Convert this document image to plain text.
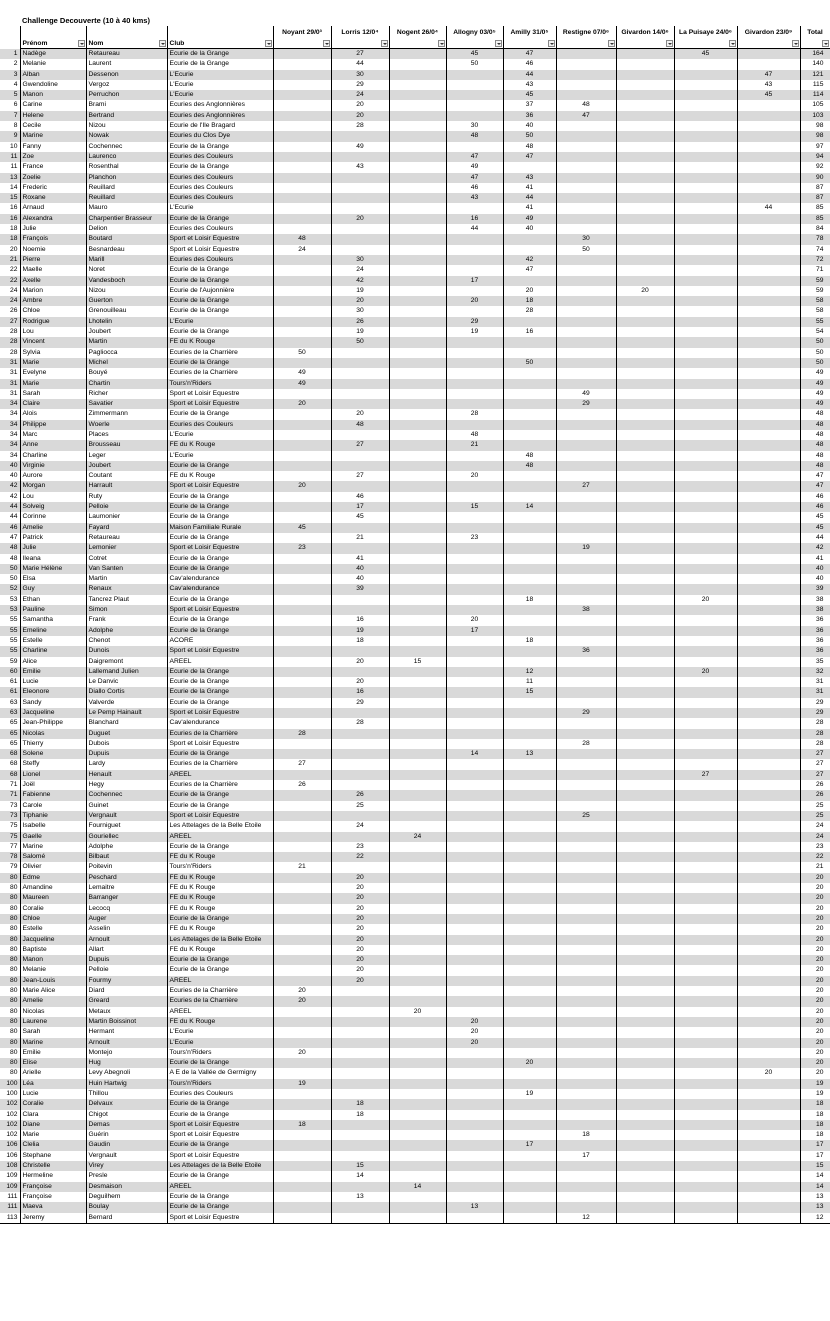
Challenge Decouverte (10 à 40 kms)
	Prénom	Nom	Club	Noyant 29/0³	Lorris 12/0⁴	Nogent 26/0⁴	Allogny 03/0⁵	Amilly 31/0⁵	Restigne 07/0⁶	Givardon 14/0⁶	La Puisaye 24/0⁶	Givardon 23/0⁹	Total

1	Nadège	Retaureau	Ecurie de la Grange		27		45	47			45		164
2	Melanie	Laurent	Ecurie de la Grange		44		50	46					140
3	Alban	Dessenon	L'Ecurie		30			44				47	121
4	Gwendoline	Vergoz	L'Ecurie		29			43				43	115
5	Manon	Perruchon	L'Ecurie		24			45				45	114
6	Carine	Brami	Ecuries des Anglonnières		20			37	48				105
7	Helene	Bertrand	Ecuries des Anglonnières		20			36	47				103
8	Cecile	Nizou	Ecurie de l'Ile Bragard		28		30	40					98
9	Marine	Nowak	Ecuries du Clos Dye				48	50					98
10	Fanny	Cochennec	Ecurie de la Grange		49			48					97
11	Zoe	Laurenco	Ecuries des Couleurs				47	47					94
11	France	Rosenthal	Ecurie de la Grange		43		49						92
13	Zoelie	Planchon	Ecuries des Couleurs				47	43					90
14	Frederic	Reuillard	Ecuries des Couleurs				46	41					87
15	Roxane	Reuillard	Ecuries des Couleurs				43	44					87
16	Arnaud	Mauro	L'Ecurie					41				44	85
16	Alexandra	Charpentier Brasseur	Ecurie de la Grange		20		16	49					85
18	Julie	Delion	Ecuries des Couleurs				44	40					84
18	François	Boutard	Sport et Loisir Equestre	48					30				78
20	Noemie	Besnardeau	Sport et Loisir Equestre	24					50				74
21	Pierre	Marill	Ecuries des Couleurs		30			42					72
22	Maelle	Noret	Ecurie de la Grange		24			47					71
22	Axelle	Vandesboch	Ecurie de la Grange		42		17						59
24	Marion	Nizou	Ecurie de l'Aujonnière		19			20		20			59
24	Ambre	Guerton	Ecurie de la Grange		20		20	18					58
26	Chloe	Grenouilleau	Ecurie de la Grange		30			28					58
27	Rodrigue	Lhotelin	L'Ecurie		26		29						55
28	Lou	Joubert	Ecurie de la Grange		19		19	16					54
28	Vincent	Martin	FE du K Rouge		50								50
28	Sylvia	Pagliocca	Ecuries de la Charrière	50									50
31	Marie	Michel	Ecurie de la Grange					50					50
31	Evelyne	Bouyé	Ecuries de la Charrière	49									49
31	Marie	Chartin	Tours'n'Riders	49									49
31	Sarah	Richer	Sport et Loisir Equestre						49				49
34	Claire	Savatier	Sport et Loisir Equestre	20					29				49
34	Alois	Zimmermann	Ecurie de la Grange		20		28						48
34	Philippe	Woerle	Ecuries des Couleurs		48								48
34	Marc	Places	L'Ecurie				48						48
34	Anne	Brousseau	FE du K Rouge		27		21						48
34	Charline	Leger	L'Ecurie					48					48
40	Virginie	Joubert	Ecurie de la Grange					48					48
40	Aurore	Coutant	FE du K Rouge		27		20						47
42	Morgan	Harrault	Sport et Loisir Equestre	20					27				47
42	Lou	Ruty	Ecurie de la Grange		46								46
44	Solveig	Pelloie	Ecurie de la Grange		17		15	14					46
44	Corinne	Laumonier	Ecurie de la Grange		45								45
46	Amelie	Fayard	Maison Familiale Rurale	45									45
47	Patrick	Retaureau	Ecurie de la Grange		21		23						44
48	Julie	Lemonier	Sport et Loisir Equestre	23					19				42
48	Ileana	Cotret	Ecurie de la Grange		41								41
50	Marie Hélène	Van Santen	Ecurie de la Grange		40								40
50	Elsa	Martin	Cav'alendurance		40								40
52	Guy	Renaux	Cav'alendurance		39								39
53	Ethan	Tancrez Plaut	Ecurie de la Grange					18			20		38
53	Pauline	Simon	Sport et Loisir Equestre						38				38
55	Samantha	Frank	Ecurie de la Grange		16		20						36
55	Emeline	Adolphe	Ecurie de la Grange		19		17						36
55	Estelle	Chenot	ACORE		18			18					36
55	Charline	Dunois	Sport et Loisir Equestre						36				36
59	Alice	Daigremont	AREEL		20	15							35
60	Emilie	Lallemand Julien	Ecurie de la Grange					12			20		32
61	Lucie	Le Danvic	Ecurie de la Grange		20			11					31
61	Eleonore	Diallo Cortis	Ecurie de la Grange		16			15					31
63	Sandy	Valverde	Ecurie de la Grange		29								29
63	Jacqueline	Le Pemp Hainault	Sport et Loisir Equestre						29				29
65	Jean-Philippe	Blanchard	Cav'alendurance		28								28
65	Nicolas	Duguet	Ecuries de la Charrière	28									28
65	Thierry	Dubois	Sport et Loisir Equestre						28				28
68	Solene	Dupuis	Ecurie de la Grange				14	13					27
68	Steffy	Lardy	Ecuries de la Charrière	27									27
68	Lionel	Henault	AREEL								27		27
71	Joël	Hegy	Ecuries de la Charrière	26									26
71	Fabienne	Cochennec	Ecurie de la Grange		26								26
73	Carole	Guinet	Ecurie de la Grange		25								25
73	Tiphanie	Vergnault	Sport et Loisir Equestre						25				25
75	Isabelle	Fourniguet	Les Attelages de la Belle Etoile		24								24
75	Gaelle	Gouriellec	AREEL			24							24
77	Marine	Adolphe	Ecurie de la Grange		23								23
78	Salomé	Bilbaut	FE du K Rouge		22								22
79	Olivier	Poitevin	Tours'n'Riders	21									21
80	Edme	Peschard	FE du K Rouge		20								20
80	Amandine	Lemaitre	FE du K Rouge		20								20
80	Maureen	Barranger	FE du K Rouge		20								20
80	Coralie	Lecocq	FE du K Rouge		20								20
80	Chloe	Auger	Ecurie de la Grange		20								20
80	Estelle	Asselin	FE du K Rouge		20								20
80	Jacqueline	Arnoult	Les Attelages de la Belle Etoile		20								20
80	Baptiste	Allart	FE du K Rouge		20								20
80	Manon	Dupuis	Ecurie de la Grange		20								20
80	Melanie	Pelloie	Ecurie de la Grange		20								20
80	Jean-Louis	Fourmy	AREEL		20								20
80	Marie Alice	Diard	Ecuries de la Charrière	20									20
80	Amelie	Greard	Ecuries de la Charrière	20									20
80	Nicolas	Metaux	AREEL			20							20
80	Laurene	Martin Boissinot	FE du K Rouge				20						20
80	Sarah	Hermant	L'Ecurie				20						20
80	Marine	Arnoult	L'Ecurie				20						20
80	Emilie	Montejo	Tours'n'Riders	20									20
80	Elise	Hug	Ecurie de la Grange					20					20
80	Arielle	Levy Abegnoli	A E de la Vallée de Germigny									20	20
100	Léa	Huin Hartwig	Tours'n'Riders	19									19
100	Lucie	Thillou	Ecuries des Couleurs					19					19
102	Coralie	Delvaux	Ecurie de la Grange		18								18
102	Clara	Chigot	Ecurie de la Grange		18								18
102	Diane	Demas	Sport et Loisir Equestre	18									18
102	Marie	Guérin	Sport et Loisir Equestre						18				18
106	Clelia	Gaudin	Ecurie de la Grange					17					17
106	Stephane	Vergnault	Sport et Loisir Equestre						17				17
108	Christelle	Virey	Les Attelages de la Belle Etoile		15								15
109	Hermeline	Presle	Ecurie de la Grange		14								14
109	Françoise	Desmaison	AREEL			14							14
111	Françoise	Deguilhem	Ecurie de la Grange		13								13
111	Maeva	Boulay	Ecurie de la Grange				13						13
113	Jeremy	Bernard	Sport et Loisir Equestre						12				12
